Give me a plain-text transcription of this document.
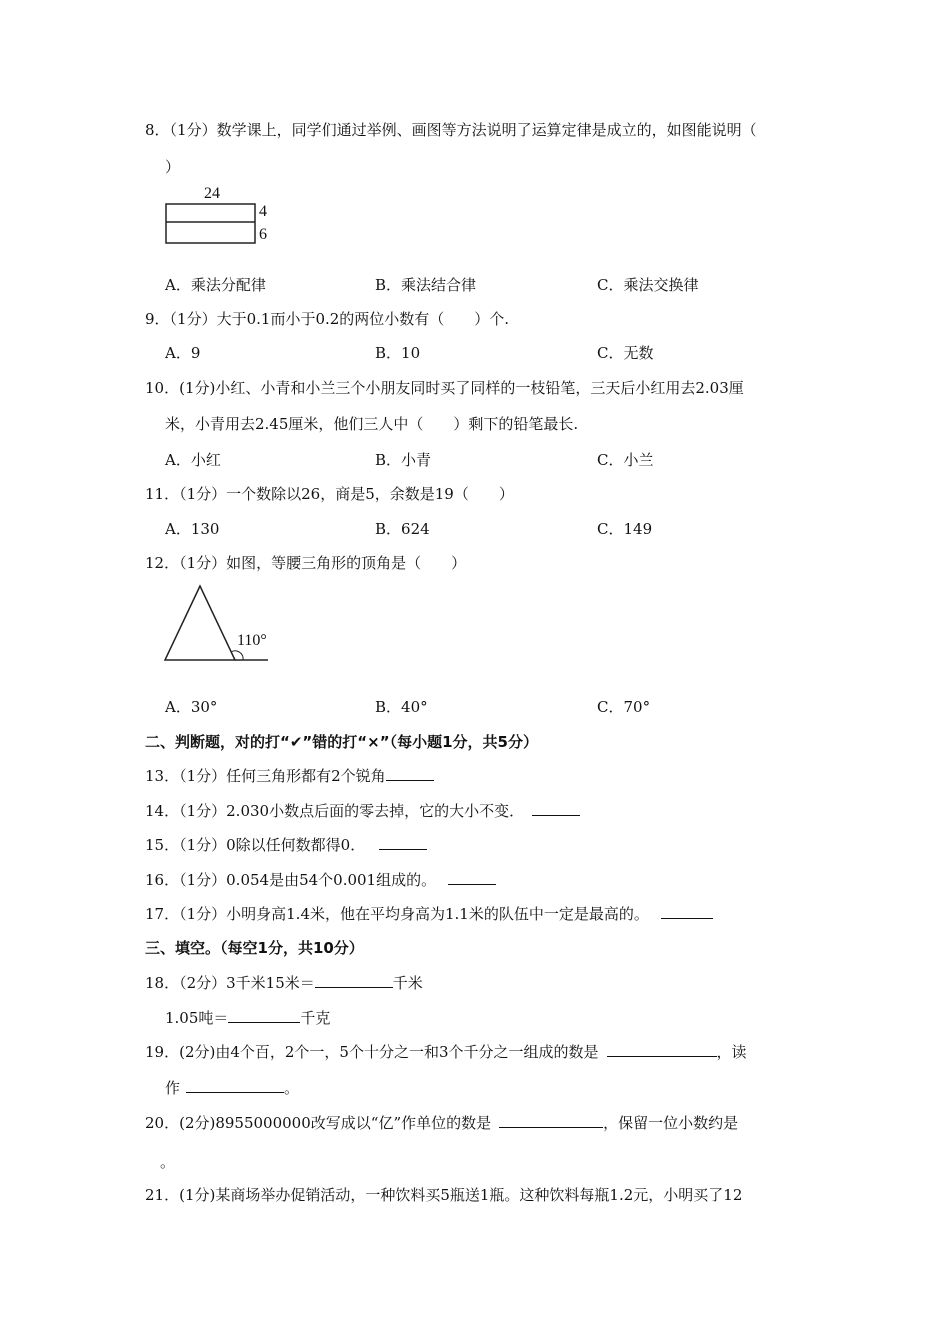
8．（1分）数学课上，同学们通过举例、画图等方法说明了运算定律是成立的，如图能说明（
）
24
4
6
A．乘法分配律	B．乘法结合律	C．乘法交换律
9．（1分）大于0.1而小于0.2的两位小数有（　　）个.
A．9	B．10	C．无数
10．(1分)小红、小青和小兰三个小朋友同时买了同样的一枝铅笔，三天后小红用去2.03厘
米，小青用去2.45厘米，他们三人中（　　）剩下的铅笔最长.
A．小红	B．小青	C．小兰
11．（1分）一个数除以26，商是5，余数是19（　　）
A．130	B．624	C．149
12．（1分）如图，等腰三角形的顶角是（　　）
110°
A．30°	B．40°	C．70°
二、判断题，对的打“✔”错的打“×”（每小题1分，共5分）
13．（1分）任何三角形都有2个锐角
14．（1分）2.030小数点后面的零去掉，它的大小不变．
15．（1分）0除以任何数都得0．
16．（1分）0.054是由54个0.001组成的。
17．（1分）小明身高1.4米，他在平均身高为1.1米的队伍中一定是最高的。
三、填空。（每空1分，共10分）
18．（2分）3千米15米＝	千米
1.05吨＝	千克
19．(2分)由4个百，2个一，5个十分之一和3个千分之一组成的数是	，读
作	。
20．(2分)8955000000改写成以“亿”作单位的数是	，保留一位小数约是
。
21．(1分)某商场举办促销活动，一种饮料买5瓶送1瓶。这种饮料每瓶1.2元，小明买了12
